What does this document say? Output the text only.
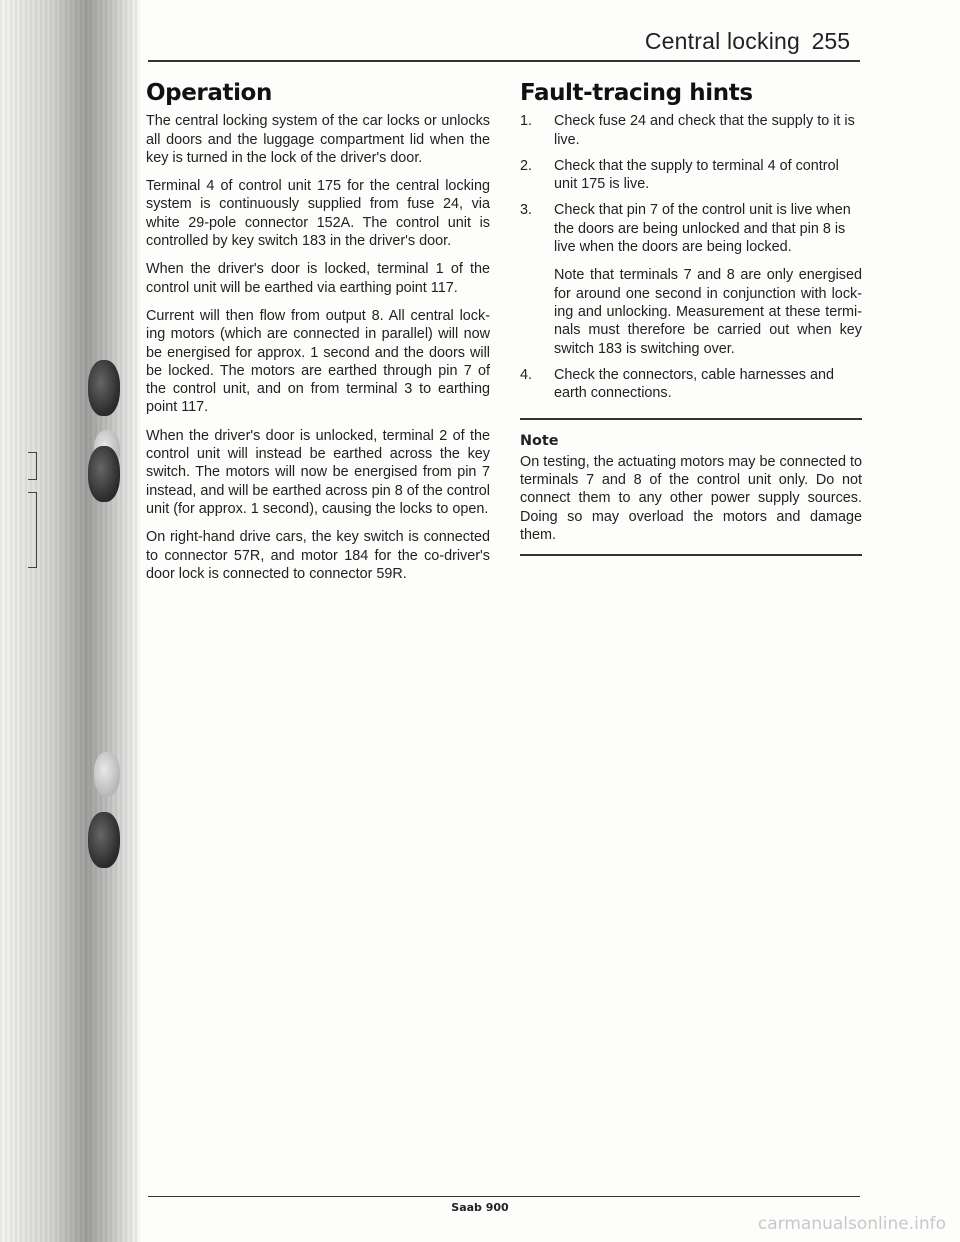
Central locking 255
Operation

The central locking system of the car locks or unlocks all doors and the luggage compartment lid when the key is turned in the lock of the driver's door.

Terminal 4 of control unit 175 for the central locking system is continuously supplied from fuse 24, via white 29-pole connector 152A. The control unit is controlled by key switch 183 in the driver's door.

When the driver's door is locked, terminal 1 of the control unit will be earthed via earthing point 117.

Current will then flow from output 8. All central lock-ing motors (which are connected in parallel) will now be energised for approx. 1 second and the doors will be locked. The motors are earthed through pin 7 of the control unit, and on from terminal 3 to earthing point 117.

When the driver's door is unlocked, terminal 2 of the control unit will instead be earthed across the key switch. The motors will now be energised from pin 7 instead, and will be earthed across pin 8 of the control unit (for approx. 1 second), causing the locks to open.

On right-hand drive cars, the key switch is connected to connector 57R, and motor 184 for the co-driver's door lock is connected to connector 59R.

Fault-tracing hints
1. Check fuse 24 and check that the supply to it is live.
2. Check that the supply to terminal 4 of control unit 175 is live.
3. Check that pin 7 of the control unit is live when the doors are being unlocked and that pin 8 is live when the doors are being locked.
Note that terminals 7 and 8 are only energised for around one second in conjunction with lock-ing and unlocking. Measurement at these termi-nals must therefore be carried out when key switch 183 is switching over.
4. Check the connectors, cable harnesses and earth connections.
Note
On testing, the actuating motors may be connected to terminals 7 and 8 of the control unit only. Do not connect them to any other power supply sources. Doing so may overload the motors and damage them.
Saab 900
carmanualsonline.info
